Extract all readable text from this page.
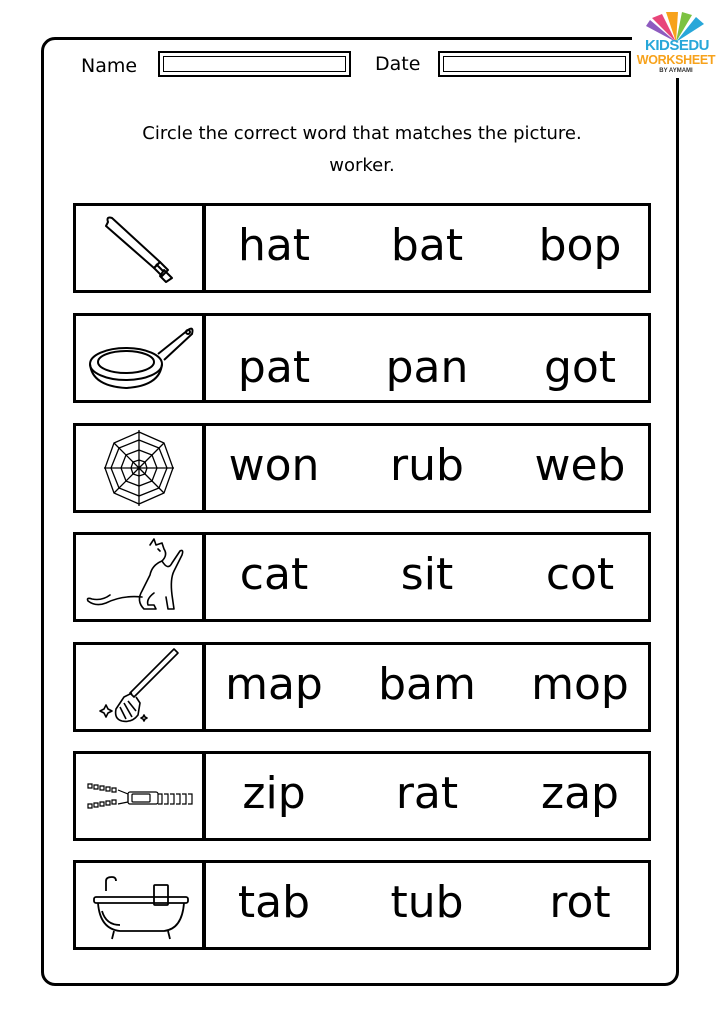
KIDSEDU
WORKSHEET
BY AYMAMI
Name	Date
Circle the correct word that matches the picture.
worker.
hat	bat	bop
pat	pan	got
won	rub	web
cat	sit	cot
map	bam	mop
zip	rat	zap
tab	tub	rot
